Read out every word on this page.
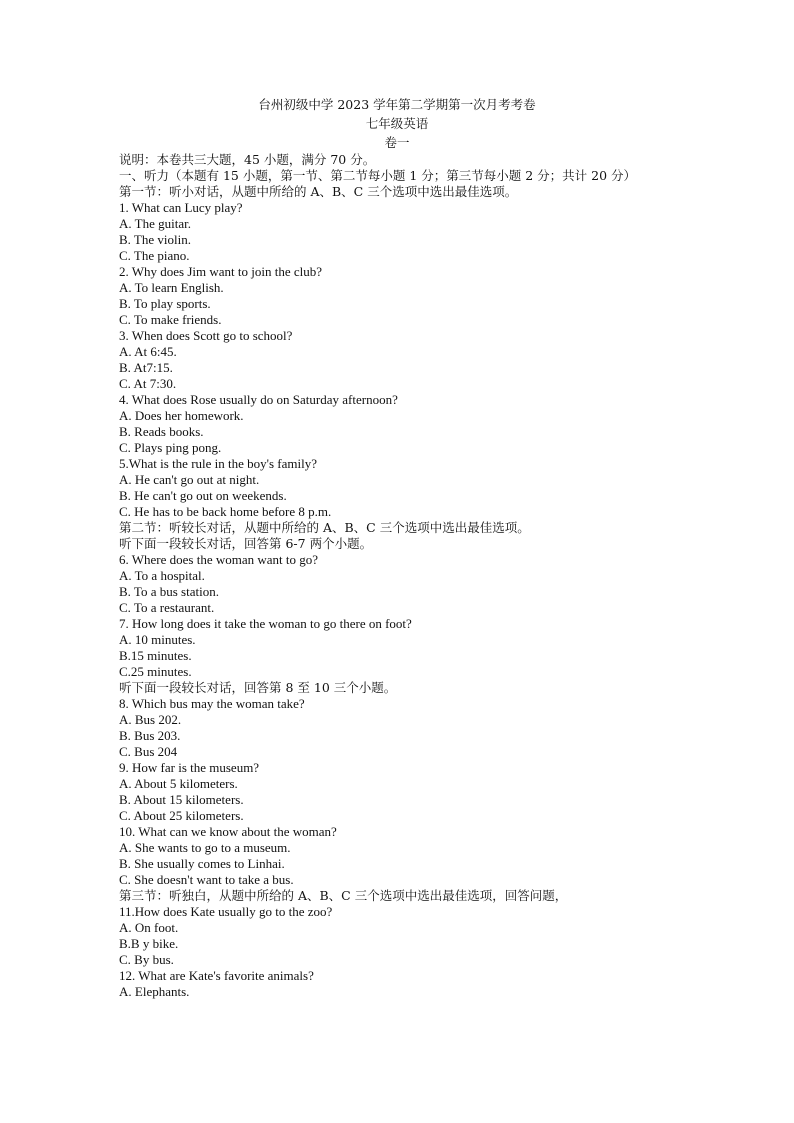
台州初级中学 2023 学年第二学期第一次月考考卷
七年级英语
卷一
说明：本卷共三大题，45 小题，满分 70 分。
一、听力（本题有 15 小题，第一节、第二节每小题 1 分；第三节每小题 2 分；共计 20 分）
第一节：听小对话，从题中所给的 A、B、C 三个选项中选出最佳选项。
1. What can Lucy play?
A. The guitar.
B. The violin.
C. The piano.
2. Why does Jim want to join the club?
A. To learn English.
B. To play sports.
C. To make friends.
3. When does Scott go to school?
A. At 6:45.
B. At7:15.
C. At 7:30.
4. What does Rose usually do on Saturday afternoon?
A. Does her homework.
B. Reads books.
C. Plays ping pong.
5.What is the rule in the boy's family?
A. He can't go out at night.
B. He can't go out on weekends.
C. He has to be back home before 8 p.m.
第二节：听较长对话，从题中所给的 A、B、C 三个选项中选出最佳选项。
听下面一段较长对话，回答第 6-7 两个小题。
6. Where does the woman want to go?
A. To a hospital.
B. To a bus station.
C. To a restaurant.
7. How long does it take the woman to go there on foot?
A. 10 minutes.
B.15 minutes.
C.25 minutes.
听下面一段较长对话，回答第 8 至 10 三个小题。
8. Which bus may the woman take?
A. Bus 202.
B. Bus 203.
C. Bus 204
9. How far is the museum?
A. About 5 kilometers.
B. About 15 kilometers.
C. About 25 kilometers.
10. What can we know about the woman?
A. She wants to go to a museum.
B. She usually comes to Linhai.
C. She doesn't want to take a bus.
第三节：听独白，从题中所给的 A、B、C 三个选项中选出最佳选项，回答问题，
11.How does Kate usually go to the zoo?
A. On foot.
B.B y bike.
C. By bus.
12. What are Kate's favorite animals?
A. Elephants.
